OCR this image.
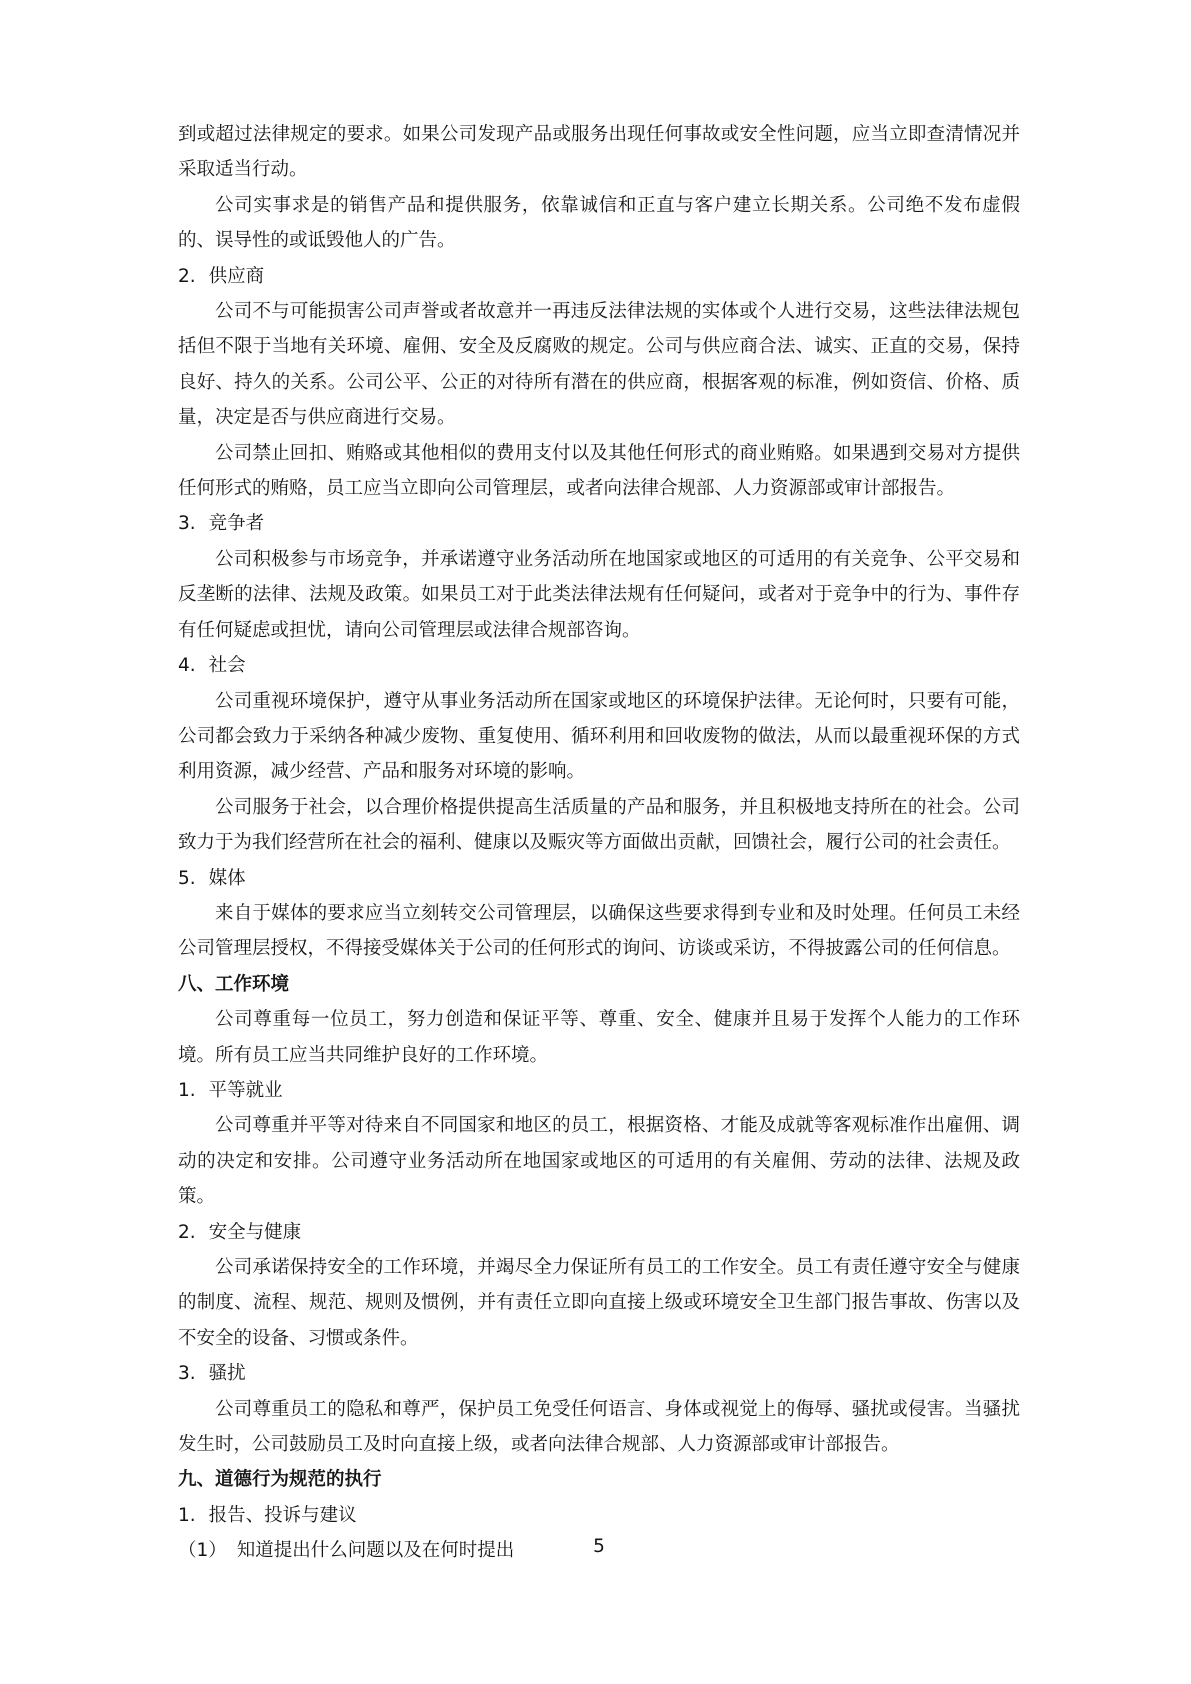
到或超过法律规定的要求。如果公司发现产品或服务出现任何事故或安全性问题，应当立即查清情况并采取适当行动。

公司实事求是的销售产品和提供服务，依靠诚信和正直与客户建立长期关系。公司绝不发布虚假的、误导性的或诋毁他人的广告。

2. 供应商

公司不与可能损害公司声誉或者故意并一再违反法律法规的实体或个人进行交易，这些法律法规包括但不限于当地有关环境、雇佣、安全及反腐败的规定。公司与供应商合法、诚实、正直的交易，保持良好、持久的关系。公司公平、公正的对待所有潜在的供应商，根据客观的标准，例如资信、价格、质量，决定是否与供应商进行交易。

公司禁止回扣、贿赂或其他相似的费用支付以及其他任何形式的商业贿赂。如果遇到交易对方提供任何形式的贿赂，员工应当立即向公司管理层，或者向法律合规部、人力资源部或审计部报告。

3. 竞争者

公司积极参与市场竞争，并承诺遵守业务活动所在地国家或地区的可适用的有关竞争、公平交易和反垄断的法律、法规及政策。如果员工对于此类法律法规有任何疑问，或者对于竞争中的行为、事件存有任何疑虑或担忧，请向公司管理层或法律合规部咨询。

4. 社会

公司重视环境保护，遵守从事业务活动所在国家或地区的环境保护法律。无论何时，只要有可能，公司都会致力于采纳各种减少废物、重复使用、循环利用和回收废物的做法，从而以最重视环保的方式利用资源，减少经营、产品和服务对环境的影响。

公司服务于社会，以合理价格提供提高生活质量的产品和服务，并且积极地支持所在的社会。公司致力于为我们经营所在社会的福利、健康以及赈灾等方面做出贡献，回馈社会，履行公司的社会责任。

5. 媒体

来自于媒体的要求应当立刻转交公司管理层，以确保这些要求得到专业和及时处理。任何员工未经公司管理层授权，不得接受媒体关于公司的任何形式的询问、访谈或采访，不得披露公司的任何信息。

八、工作环境

公司尊重每一位员工，努力创造和保证平等、尊重、安全、健康并且易于发挥个人能力的工作环境。所有员工应当共同维护良好的工作环境。

1. 平等就业

公司尊重并平等对待来自不同国家和地区的员工，根据资格、才能及成就等客观标准作出雇佣、调动的决定和安排。公司遵守业务活动所在地国家或地区的可适用的有关雇佣、劳动的法律、法规及政策。

2. 安全与健康

公司承诺保持安全的工作环境，并竭尽全力保证所有员工的工作安全。员工有责任遵守安全与健康的制度、流程、规范、规则及惯例，并有责任立即向直接上级或环境安全卫生部门报告事故、伤害以及不安全的设备、习惯或条件。

3. 骚扰

公司尊重员工的隐私和尊严，保护员工免受任何语言、身体或视觉上的侮辱、骚扰或侵害。当骚扰发生时，公司鼓励员工及时向直接上级，或者向法律合规部、人力资源部或审计部报告。

九、道德行为规范的执行

1. 报告、投诉与建议

（1） 知道提出什么问题以及在何时提出	5
